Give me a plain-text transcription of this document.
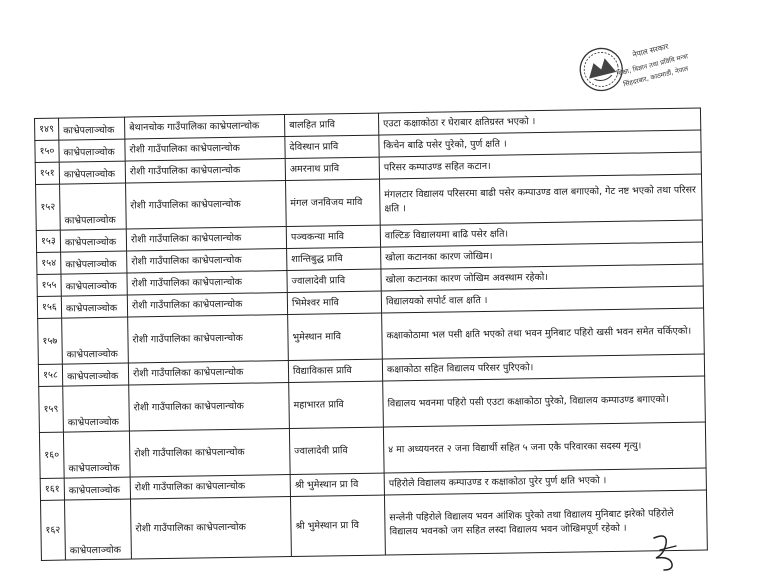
नेपाल सरकार
शिक्षा, विज्ञान तथा प्रविधि मन्त्रालय
सिंहदरबार, काठमाडौं, नेपाल
१४९	काभ्रेपलाञ्चोक	बेथानचोक गाउँपालिका काभ्रेपलान्चोक	बालहित प्रावि	एउटा कक्षाकोठा र घेराबार क्षतिग्रस्त भएको ।
१५०	काभ्रेपलाञ्चोक	रोशी गाउँपालिका काभ्रेपलान्चोक	देविस्थान प्रावि	किचेन बाढि पसेर पुरेको, पुर्ण क्षति ।
१५१	काभ्रेपलाञ्चोक	रोशी गाउँपालिका काभ्रेपलान्चोक	अमरनाथ प्रावि	परिसर कम्पाउण्ड सहित कटान।
१५२	काभ्रेपलाञ्चोक	रोशी गाउँपालिका काभ्रेपलान्चोक	मंगल जनविजय मावि	मंगलटार विद्यालय परिसरमा बाढी पसेर कम्पाउण्ड वाल बगाएको, गेट नष्ट भएको तथा परिसर क्षति ।
१५३	काभ्रेपलाञ्चोक	रोशी गाउँपालिका काभ्रेपलान्चोक	पञ्चकन्या मावि	वाल्टिङ विद्यालयमा बाढि पसेर क्षति।
१५४	काभ्रेपलाञ्चोक	रोशी गाउँपालिका काभ्रेपलान्चोक	शान्तिबुद्ध प्रावि	खोला कटानका कारण जोखिम।
१५५	काभ्रेपलाञ्चोक	रोशी गाउँपालिका काभ्रेपलान्चोक	ज्वालादेवी प्रावि	खोला कटानका कारण जोखिम अवस्थाम रहेको।
१५६	काभ्रेपलाञ्चोक	रोशी गाउँपालिका काभ्रेपलान्चोक	भिमेश्वर मावि	विद्यालयको सपोर्ट वाल क्षति ।
१५७	काभ्रेपलाञ्चोक	रोशी गाउँपालिका काभ्रेपलान्चोक	भुमेस्थान मावि	कक्षाकोठामा भल पसी क्षति भएको तथा भवन मुनिबाट पहिरो खसी भवन समेत चर्किएको।
१५८	काभ्रेपलाञ्चोक	रोशी गाउँपालिका काभ्रेपलान्चोक	विद्याविकास प्रावि	कक्षाकोठा सहित विद्यालय परिसर पुरिएको।
१५९	काभ्रेपलाञ्चोक	रोशी गाउँपालिका काभ्रेपलान्चोक	महाभारत प्रावि	विद्यालय भवनमा पहिरो पसी एउटा कक्षाकोठा पुरेको, विद्यालय कम्पाउण्ड बगाएको।
१६०	काभ्रेपलाञ्चोक	रोशी गाउँपालिका काभ्रेपलान्चोक	ज्वालादेवी प्रावि	४ मा अध्ययनरत २ जना विद्यार्थी सहित ५ जना एकै परिवारका सदस्य मृत्यु।
१६१	काभ्रेपलाञ्चोक	रोशी गाउँपालिका काभ्रेपलान्चोक	श्री भुमेस्थान प्रा वि	पहिरोले विद्यालय कम्पाउण्ड र कक्षाकोठा पुरेर पुर्ण क्षति भएको ।
१६२	काभ्रेपलाञ्चोक	रोशी गाउँपालिका काभ्रेपलान्चोक	श्री भुमेस्थान प्रा वि	सन्लेनी पहिरोले विद्यालय भवन आंशिक पुरेको तथा विद्यालय मुनिबाट झरेको पहिरोले विद्यालय भवनको जग सहित लस्दा विद्यालय भवन जोखिमपूर्ण रहेको ।
